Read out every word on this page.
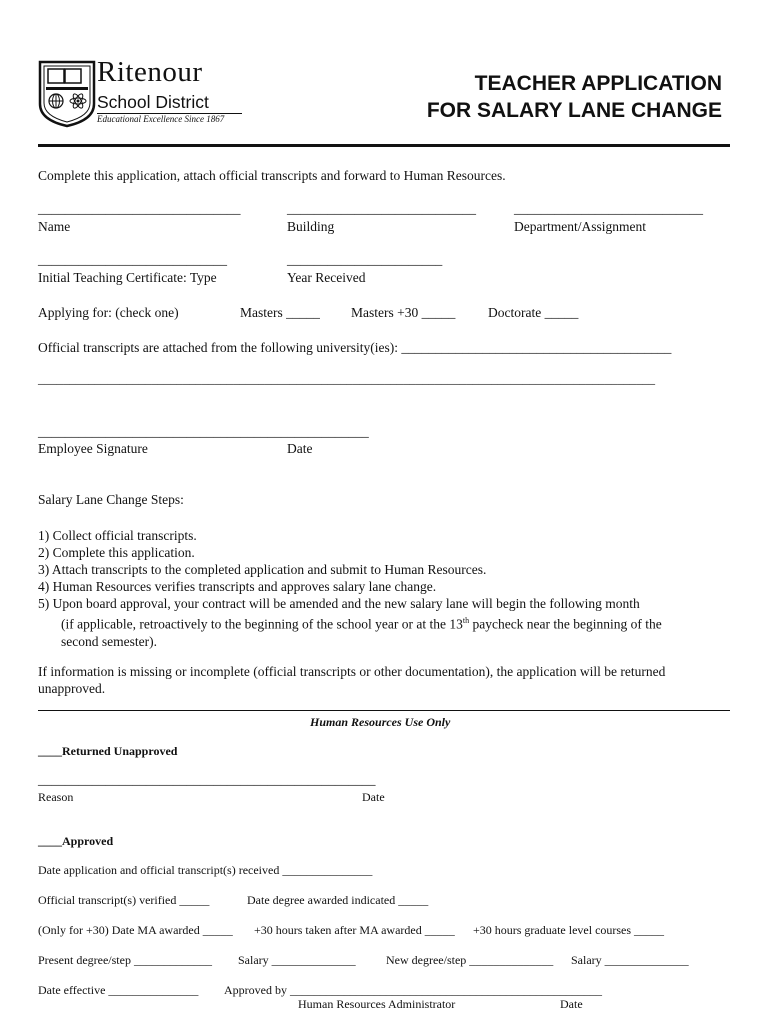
Ritenour
School District
Educational Excellence Since 1867
TEACHER APPLICATION
FOR SALARY LANE CHANGE
Complete this application, attach official transcripts and forward to Human Resources.
______________________________
Name
____________________________
Building
____________________________
Department/Assignment
____________________________
Initial Teaching Certificate: Type
_______________________
Year Received
Applying for: (check one)	Masters _____ Masters +30 _____ Doctorate _____
Official transcripts are attached from the following university(ies): ________________________________________
__________________________________________________________________________________________________
_________________________________________________
Employee Signature	Date
Salary Lane Change Steps:
1) Collect official transcripts.
2) Complete this application.
3) Attach transcripts to the completed application and submit to Human Resources.
4) Human Resources verifies transcripts and approves salary lane change.
5) Upon board approval, your contract will be amended and the new salary lane will begin the following month
(if applicable, retroactively to the beginning of the school year or at the 13th paycheck near the beginning of the
second semester).
If information is missing or incomplete (official transcripts or other documentation), the application will be returned
unapproved.
Human Resources Use Only
____Returned Unapproved
__________________________________________________
Reason	Date
____Approved
Date application and official transcript(s) received _______________
Official transcript(s) verified _____	Date degree awarded indicated _____
(Only for +30) Date MA awarded _____ +30 hours taken after MA awarded _____ +30 hours graduate level courses _____
Present degree/step _____________ Salary ______________	New degree/step ______________ Salary ______________
Date effective _______________ Approved by ____________________________________________________
Human Resources Administrator	Date
